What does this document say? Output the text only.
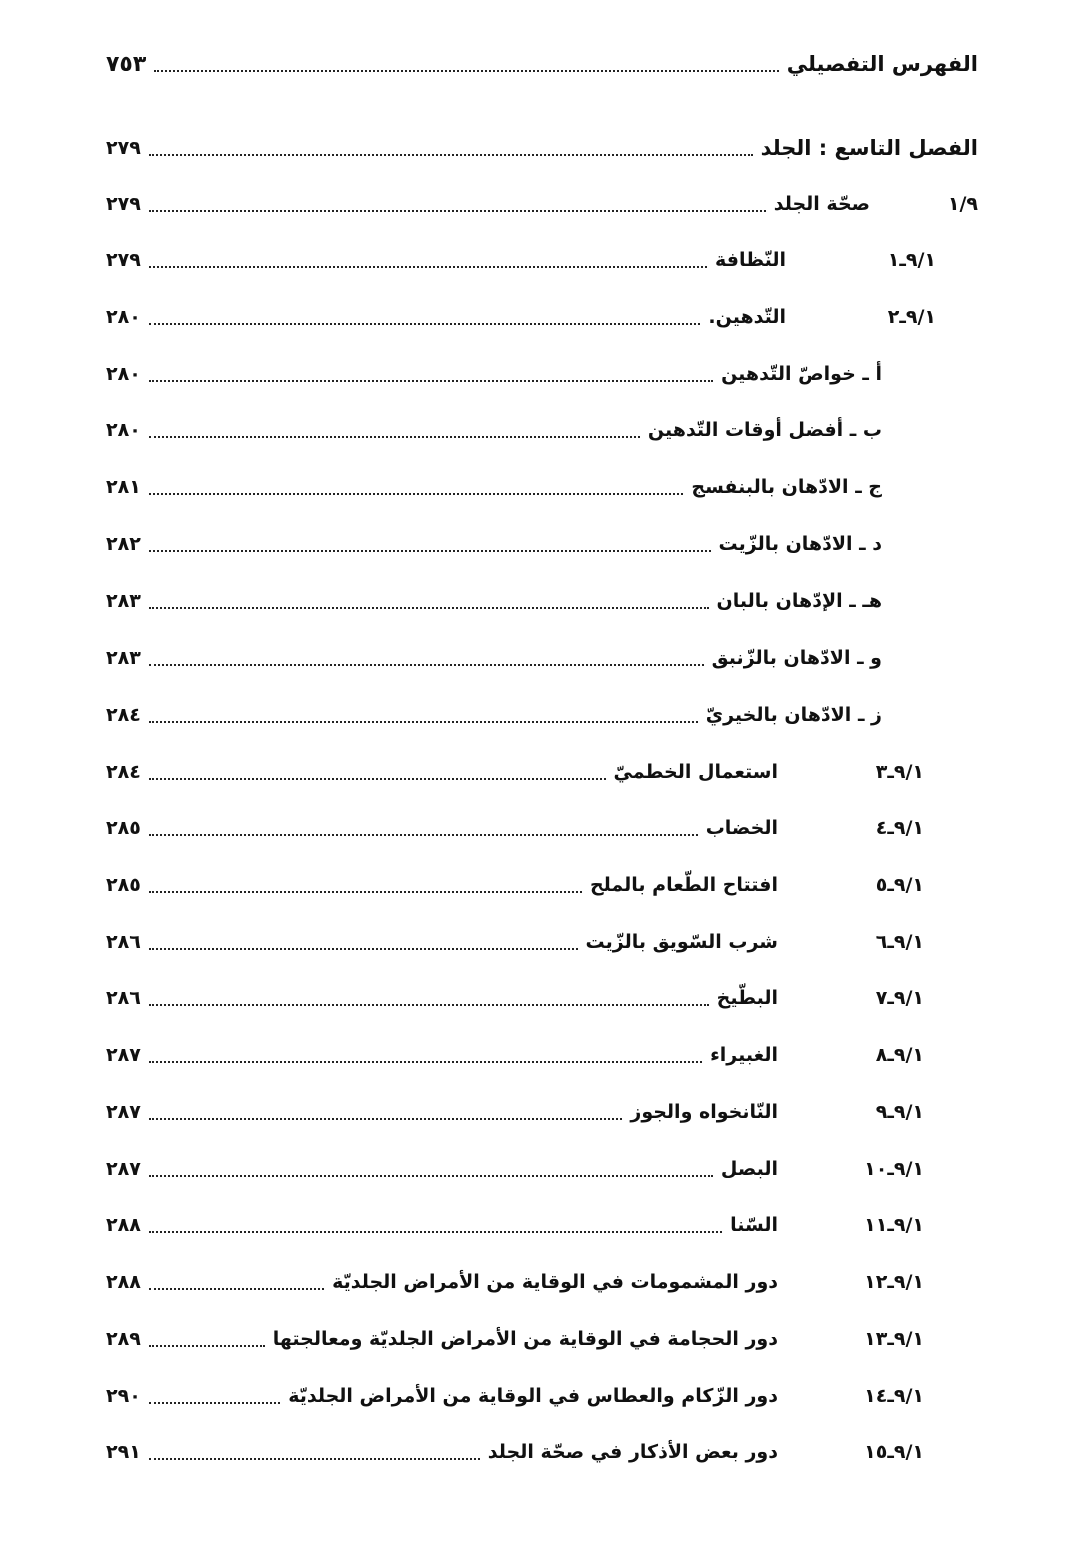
الفهرس التفصيلي
٧٥٣
الفصل التاسع : الجلد
٢٧٩
١/٩
صحّة الجلد
٢٧٩
٩/١ـ١
النّظافة
٢٧٩
٩/١ـ٢
التّدهين.
٢٨٠
أ ـ خواصّ التّدهين
٢٨٠
ب ـ أفضل أوقات التّدهين
٢٨٠
ج ـ الادّهان بالبنفسج
٢٨١
د ـ الادّهان بالزّيت
٢٨٢
هـ ـ الإدّهان بالبان
٢٨٣
و ـ الادّهان بالزّنبق
٢٨٣
ز ـ الادّهان بالخيريّ
٢٨٤
٩/١ـ٣
استعمال الخطميّ
٢٨٤
٩/١ـ٤
الخضاب
٢٨٥
٩/١ـ٥
افتتاح الطّعام بالملح
٢٨٥
٩/١ـ٦
شرب السّويق بالزّيت
٢٨٦
٩/١ـ٧
البطّيخ
٢٨٦
٩/١ـ٨
الغبيراء
٢٨٧
٩/١ـ٩
النّانخواه والجوز
٢٨٧
٩/١ـ١٠
البصل
٢٨٧
٩/١ـ١١
السّنا
٢٨٨
٩/١ـ١٢
دور المشمومات في الوقاية من الأمراض الجلديّة
٢٨٨
٩/١ـ١٣
دور الحجامة في الوقاية من الأمراض الجلديّة ومعالجتها
٢٨٩
٩/١ـ١٤
دور الزّكام والعطاس في الوقاية من الأمراض الجلديّة
٢٩٠
٩/١ـ١٥
دور بعض الأذكار في صحّة الجلد
٢٩١
